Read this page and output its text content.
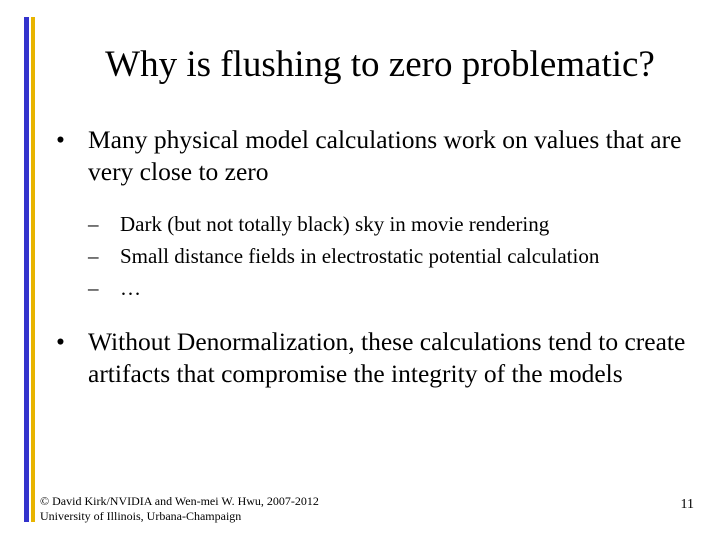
Why is flushing to zero problematic?
• Many physical model calculations work on values that are very close to zero
– Dark (but not totally black) sky in movie rendering
– Small distance fields in electrostatic potential calculation
– …
• Without Denormalization, these calculations tend to create artifacts that compromise the integrity of the models
© David Kirk/NVIDIA and Wen-mei W. Hwu, 2007-2012
University of Illinois, Urbana-Champaign
11
